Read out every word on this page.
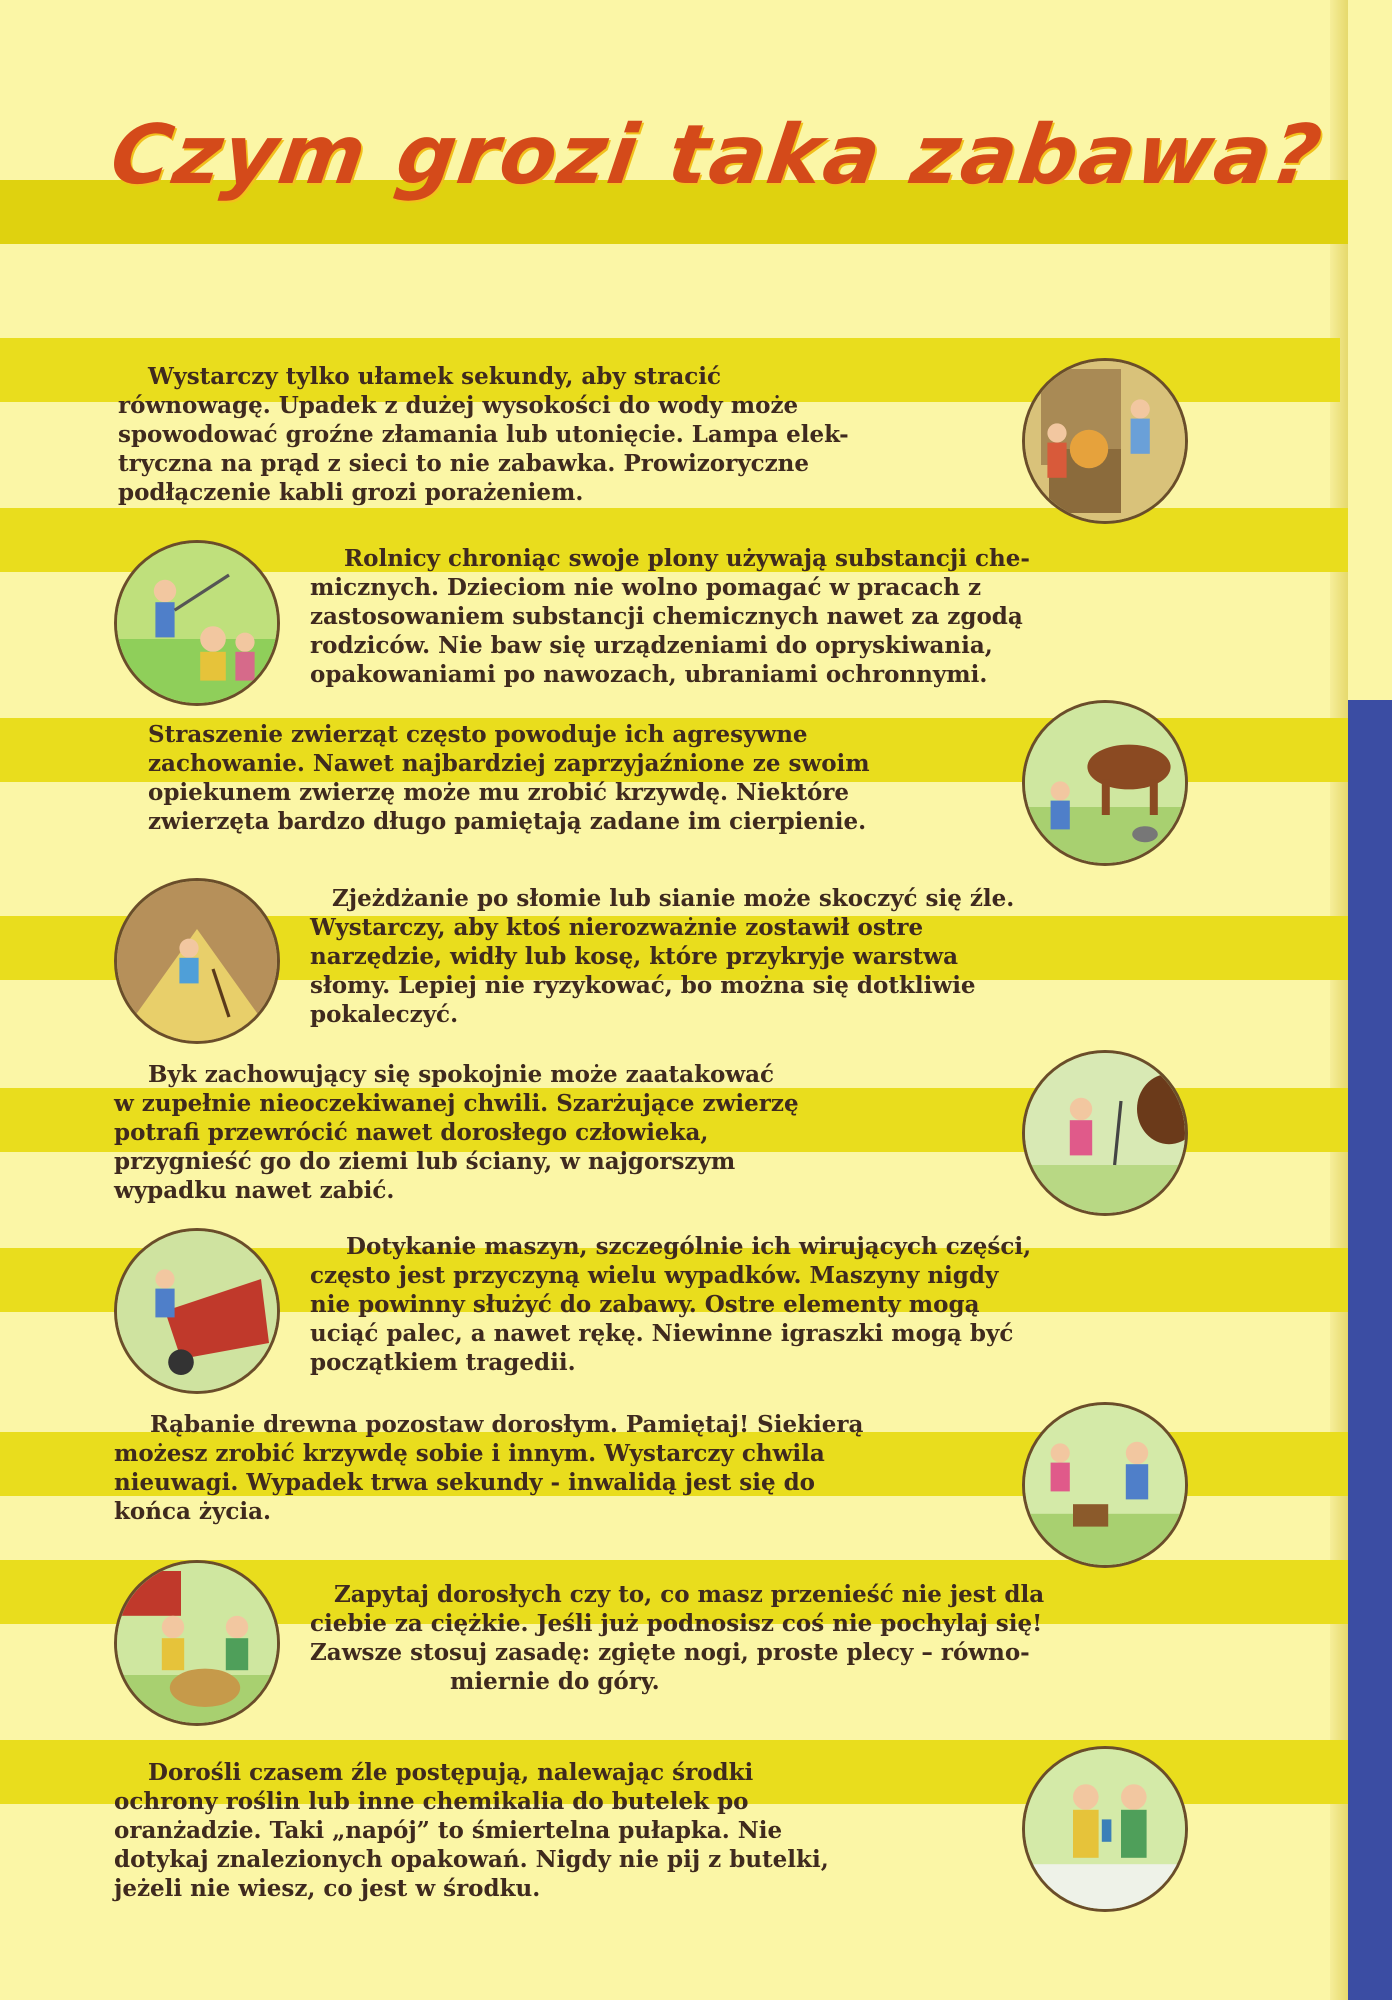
Czym grozi taka zabawa?

Wystarczy tylko ułamek sekundy, aby stracić
równowagę. Upadek z dużej wysokości do wody może
spowodować groźne złamania lub utonięcie. Lampa elek-
tryczna na prąd z sieci to nie zabawka. Prowizoryczne
podłączenie kabli grozi porażeniem.

Rolnicy chroniąc swoje plony używają substancji che-
micznych. Dzieciom nie wolno pomagać w pracach z
zastosowaniem substancji chemicznych nawet za zgodą
rodziców. Nie baw się urządzeniami do opryskiwania,
opakowaniami po nawozach, ubraniami ochronnymi.

Straszenie zwierząt często powoduje ich agresywne
zachowanie. Nawet najbardziej zaprzyjaźnione ze swoim
opiekunem zwierzę może mu zrobić krzywdę. Niektóre
zwierzęta bardzo długo pamiętają zadane im cierpienie.

Zjeżdżanie po słomie lub sianie może skoczyć się źle.
Wystarczy, aby ktoś nierozważnie zostawił ostre
narzędzie, widły lub kosę, które przykryje warstwa
słomy. Lepiej nie ryzykować, bo można się dotkliwie
pokaleczyć.

Byk zachowujący się spokojnie może zaatakować
w zupełnie nieoczekiwanej chwili. Szarżujące zwierzę
potrafi przewrócić nawet dorosłego człowieka,
przygnieść go do ziemi lub ściany, w najgorszym
wypadku nawet zabić.

Dotykanie maszyn, szczególnie ich wirujących części,
często jest przyczyną wielu wypadków. Maszyny nigdy
nie powinny służyć do zabawy. Ostre elementy mogą
uciąć palec, a nawet rękę. Niewinne igraszki mogą być
początkiem tragedii.

Rąbanie drewna pozostaw dorosłym. Pamiętaj! Siekierą
możesz zrobić krzywdę sobie i innym. Wystarczy chwila
nieuwagi. Wypadek trwa sekundy - inwalidą jest się do
końca życia.

Zapytaj dorosłych czy to, co masz przenieść nie jest dla
ciebie za ciężkie. Jeśli już podnosisz coś nie pochylaj się!
Zawsze stosuj zasadę: zgięte nogi, proste plecy – równo-
miernie do góry.

Dorośli czasem źle postępują, nalewając środki
ochrony roślin lub inne chemikalia do butelek po
oranżadzie. Taki „napój” to śmiertelna pułapka. Nie
dotykaj znalezionych opakowań. Nigdy nie pij z butelki,
jeżeli nie wiesz, co jest w środku.
